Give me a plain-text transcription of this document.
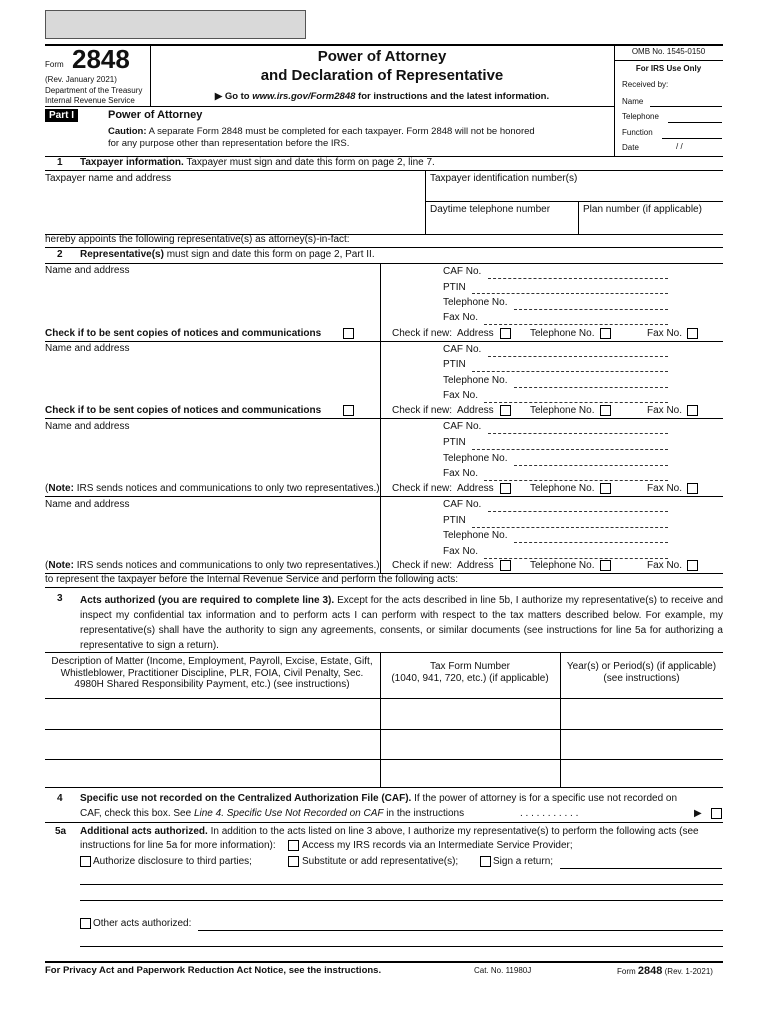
Form 2848
(Rev. January 2021)
Department of the Treasury
Internal Revenue Service
Power of Attorney
and Declaration of Representative
▶ Go to www.irs.gov/Form2848 for instructions and the latest information.
OMB No. 1545-0150
For IRS Use Only
Received by:
Name
Telephone
Function
Date	/ /
Part I	Power of Attorney
Caution: A separate Form 2848 must be completed for each taxpayer. Form 2848 will not be honored
for any purpose other than representation before the IRS.
1 Taxpayer information. Taxpayer must sign and date this form on page 2, line 7.
Taxpayer name and address	Taxpayer identification number(s)
Daytime telephone number	Plan number (if applicable)
hereby appoints the following representative(s) as attorney(s)-in-fact:
2 Representative(s) must sign and date this form on page 2, Part II.
Name and address	CAF No.
PTIN
Telephone No.
Fax No.
Check if to be sent copies of notices and communications	Check if new: Address	Telephone No.	Fax No.
Name and address	CAF No.
PTIN
Telephone No.
Fax No.
Check if to be sent copies of notices and communications	Check if new: Address	Telephone No.	Fax No.
Name and address	CAF No.
PTIN
Telephone No.
Fax No.
(Note: IRS sends notices and communications to only two representatives.) Check if new: Address	Telephone No.	Fax No.
Name and address	CAF No.
PTIN
Telephone No.
Fax No.
(Note: IRS sends notices and communications to only two representatives.) Check if new: Address	Telephone No.	Fax No.
to represent the taxpayer before the Internal Revenue Service and perform the following acts:
3 Acts authorized (you are required to complete line 3). Except for the acts described in line 5b, I authorize my representative(s) to receive and inspect my confidential tax information and to perform acts I can perform with respect to the tax matters described below. For example, my representative(s) shall have the authority to sign any agreements, consents, or similar documents (see instructions for line 5a for authorizing a representative to sign a return).
Description of Matter (Income, Employment, Payroll, Excise, Estate, Gift, Whistleblower, Practitioner Discipline, PLR, FOIA, Civil Penalty, Sec. 4980H Shared Responsibility Payment, etc.) (see instructions)
Tax Form Number
(1040, 941, 720, etc.) (if applicable)
Year(s) or Period(s) (if applicable)
(see instructions)
4 Specific use not recorded on the Centralized Authorization File (CAF). If the power of attorney is for a specific use not recorded on
CAF, check this box. See Line 4. Specific Use Not Recorded on CAF in the instructions	. . . . . . . . . . .	▶
5a Additional acts authorized. In addition to the acts listed on line 3 above, I authorize my representative(s) to perform the following acts (see
instructions for line 5a for more information):	Access my IRS records via an Intermediate Service Provider;
Authorize disclosure to third parties;	Substitute or add representative(s);	Sign a return;
Other acts authorized:
For Privacy Act and Paperwork Reduction Act Notice, see the instructions.	Cat. No. 11980J	Form 2848 (Rev. 1-2021)
